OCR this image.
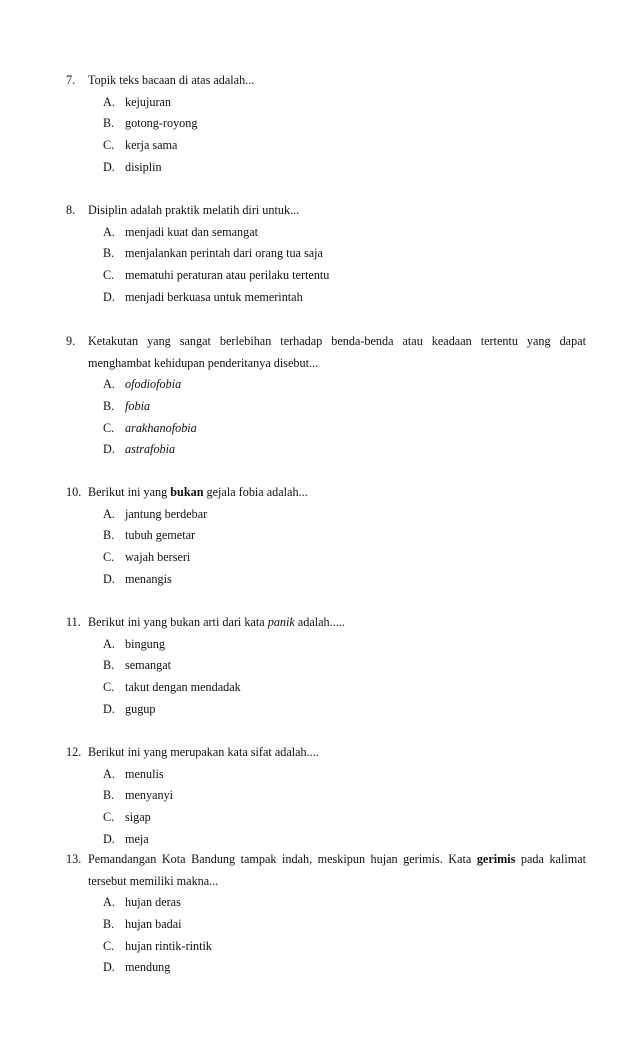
7. Topik teks bacaan di atas adalah...
A. kejujuran
B. gotong-royong
C. kerja sama
D. disiplin
8. Disiplin adalah praktik melatih diri untuk...
A. menjadi kuat dan semangat
B. menjalankan perintah dari orang tua saja
C. mematuhi peraturan atau perilaku tertentu
D. menjadi berkuasa untuk memerintah
9. Ketakutan yang sangat berlebihan terhadap benda-benda atau keadaan tertentu yang dapat menghambat kehidupan penderitanya disebut...
A. ofodiofobia
B. fobia
C. arakhanofobia
D. astrafobia
10. Berikut ini yang bukan gejala fobia adalah...
A. jantung berdebar
B. tubuh gemetar
C. wajah berseri
D. menangis
11. Berikut ini yang bukan arti dari kata panik adalah.....
A. bingung
B. semangat
C. takut dengan mendadak
D. gugup
12. Berikut ini yang merupakan kata sifat adalah....
A. menulis
B. menyanyi
C. sigap
D. meja
13. Pemandangan Kota Bandung tampak indah, meskipun hujan gerimis. Kata gerimis pada kalimat tersebut memiliki makna...
A. hujan deras
B. hujan badai
C. hujan rintik-rintik
D. mendung
